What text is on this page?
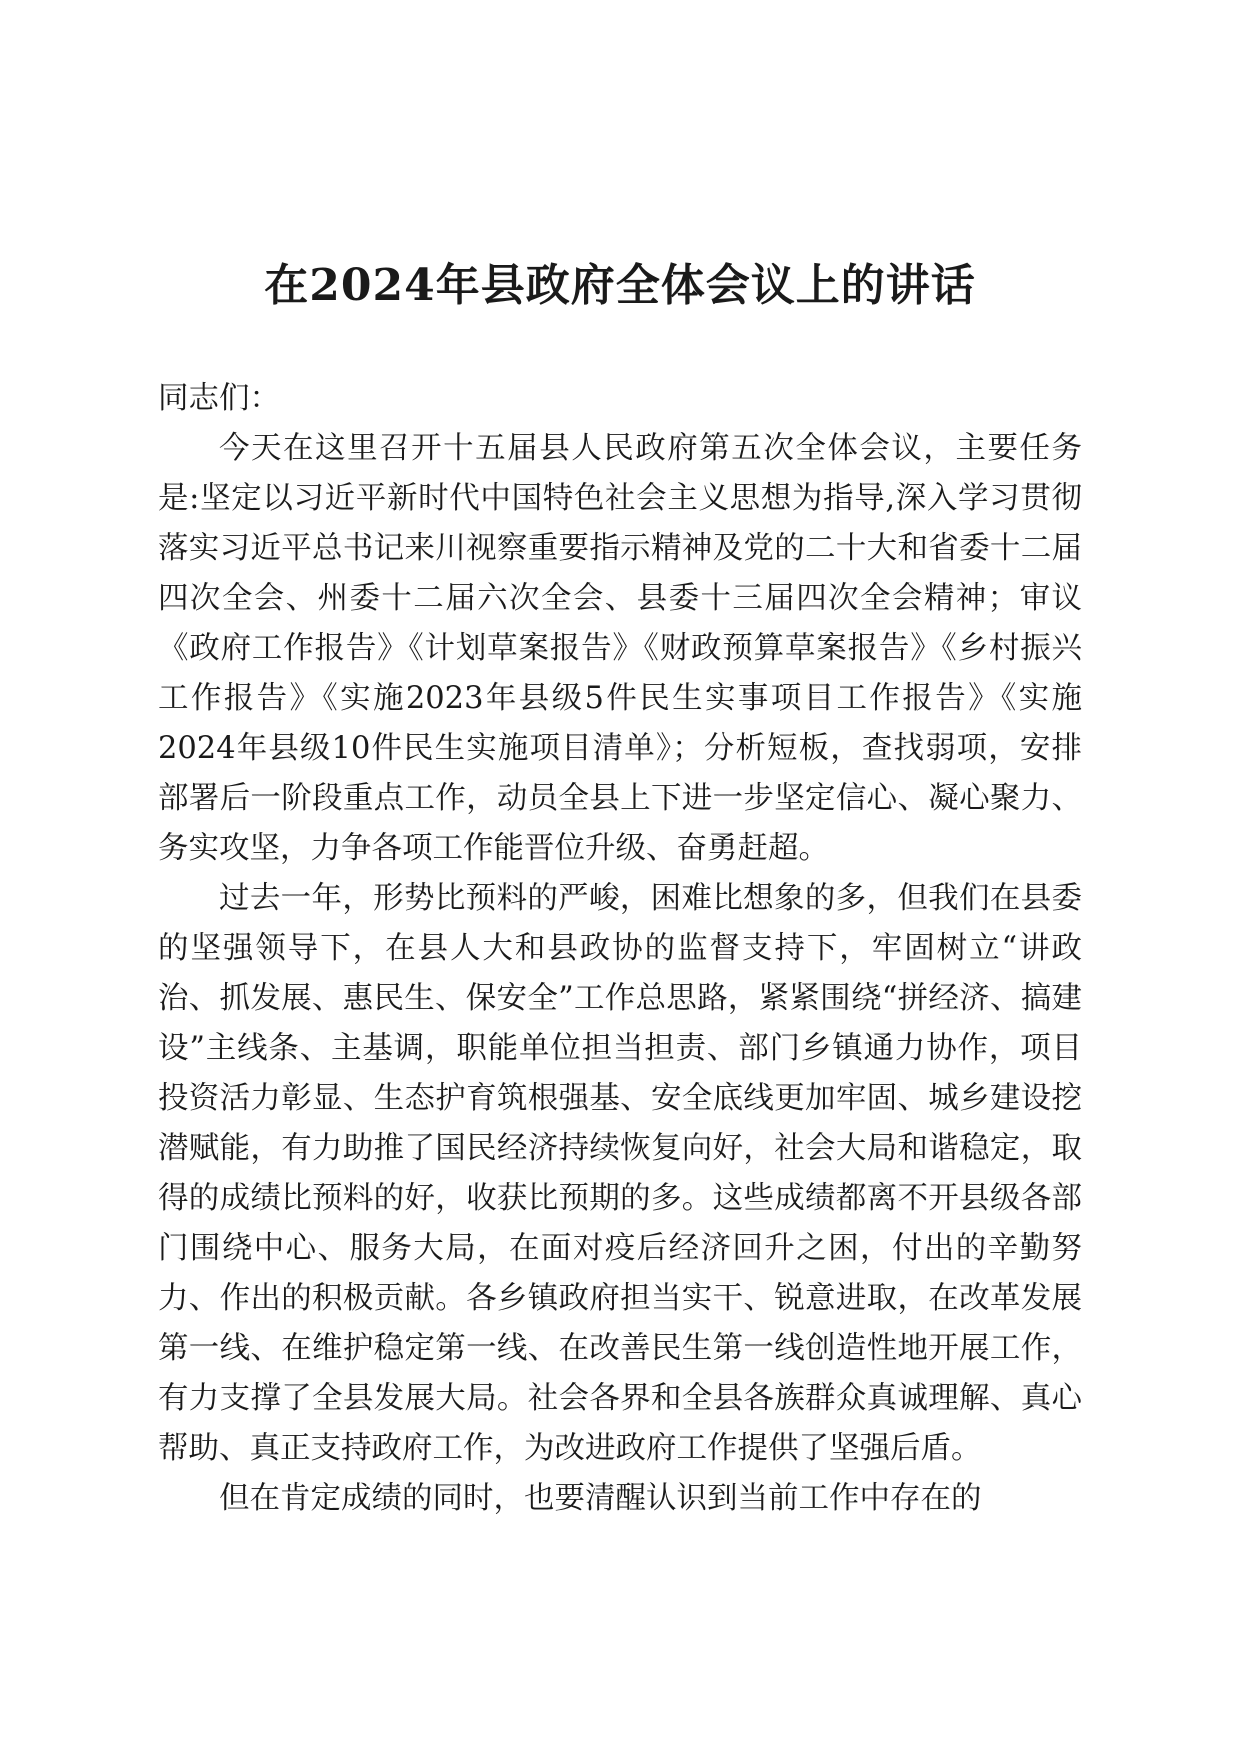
在2024年县政府全体会议上的讲话

同志们：

今天在这里召开十五届县人民政府第五次全体会议，主要任务是:坚定以习近平新时代中国特色社会主义思想为指导,深入学习贯彻落实习近平总书记来川视察重要指示精神及党的二十大和省委十二届四次全会、州委十二届六次全会、县委十三届四次全会精神；审议《政府工作报告》《计划草案报告》《财政预算草案报告》《乡村振兴工作报告》《实施2023年县级5件民生实事项目工作报告》《实施2024年县级10件民生实施项目清单》；分析短板，查找弱项，安排部署后一阶段重点工作，动员全县上下进一步坚定信心、凝心聚力、务实攻坚，力争各项工作能晋位升级、奋勇赶超。

过去一年，形势比预料的严峻，困难比想象的多，但我们在县委的坚强领导下，在县人大和县政协的监督支持下，牢固树立“讲政治、抓发展、惠民生、保安全”工作总思路，紧紧围绕“拼经济、搞建设”主线条、主基调，职能单位担当担责、部门乡镇通力协作，项目投资活力彰显、生态护育筑根强基、安全底线更加牢固、城乡建设挖潜赋能，有力助推了国民经济持续恢复向好，社会大局和谐稳定，取得的成绩比预料的好，收获比预期的多。这些成绩都离不开县级各部门围绕中心、服务大局，在面对疫后经济回升之困，付出的辛勤努力、作出的积极贡献。各乡镇政府担当实干、锐意进取，在改革发展第一线、在维护稳定第一线、在改善民生第一线创造性地开展工作，有力支撑了全县发展大局。社会各界和全县各族群众真诚理解、真心帮助、真正支持政府工作，为改进政府工作提供了坚强后盾。

但在肯定成绩的同时，也要清醒认识到当前工作中存在的
